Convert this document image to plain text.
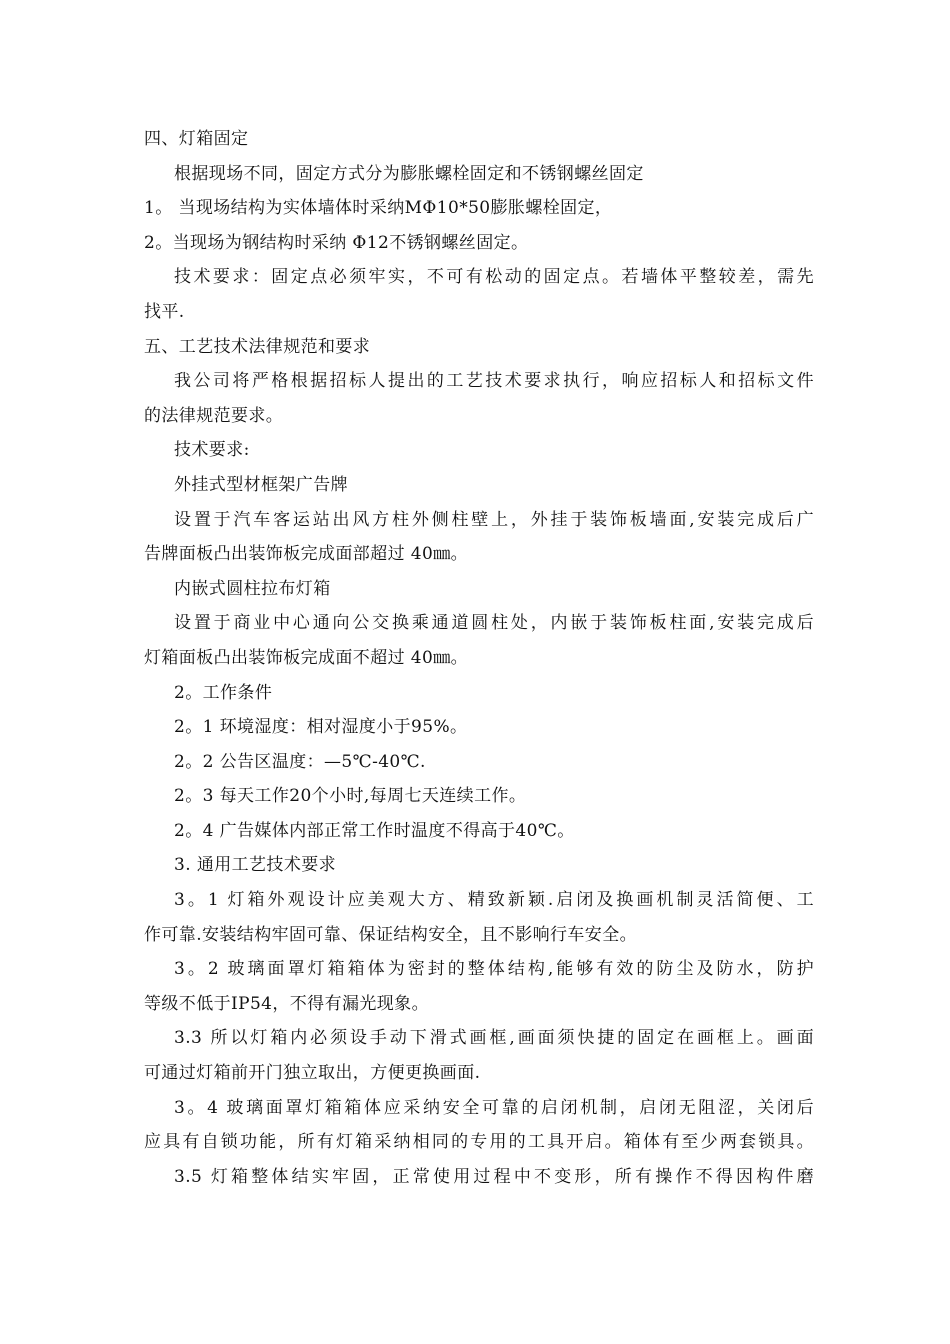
四、灯箱固定
根据现场不同，固定方式分为膨胀螺栓固定和不锈钢螺丝固定
1。 当现场结构为实体墙体时采纳MΦ10*50膨胀螺栓固定，
2。当现场为钢结构时采纳 Φ12不锈钢螺丝固定。
技术要求：固定点必须牢实，不可有松动的固定点。若墙体平整较差，需先
找平.
五、工艺技术法律规范和要求
我公司将严格根据招标人提出的工艺技术要求执行，响应招标人和招标文件
的法律规范要求。
技术要求:
外挂式型材框架广告牌
设置于汽车客运站出风方柱外侧柱壁上，外挂于装饰板墙面,安装完成后广
告牌面板凸出装饰板完成面部超过 40㎜。
内嵌式圆柱拉布灯箱
设置于商业中心通向公交换乘通道圆柱处，内嵌于装饰板柱面,安装完成后
灯箱面板凸出装饰板完成面不超过 40㎜。
2。工作条件
2。1 环境湿度：相对湿度小于95%。
2。2 公告区温度：—5℃-40℃.
2。3 每天工作20个小时,每周七天连续工作。
2。4 广告媒体内部正常工作时温度不得高于40℃。
3. 通用工艺技术要求
3。1 灯箱外观设计应美观大方、精致新颖.启闭及换画机制灵活简便、工
作可靠.安装结构牢固可靠、保证结构安全，且不影响行车安全。
3。2 玻璃面罩灯箱箱体为密封的整体结构,能够有效的防尘及防水，防护
等级不低于IP54，不得有漏光现象。
3.3 所以灯箱内必须设手动下滑式画框,画面须快捷的固定在画框上。画面
可通过灯箱前开门独立取出，方便更换画面.
3。4 玻璃面罩灯箱箱体应采纳安全可靠的启闭机制，启闭无阻涩，关闭后
应具有自锁功能，所有灯箱采纳相同的专用的工具开启。箱体有至少两套锁具。
3.5 灯箱整体结实牢固，正常使用过程中不变形，所有操作不得因构件磨
